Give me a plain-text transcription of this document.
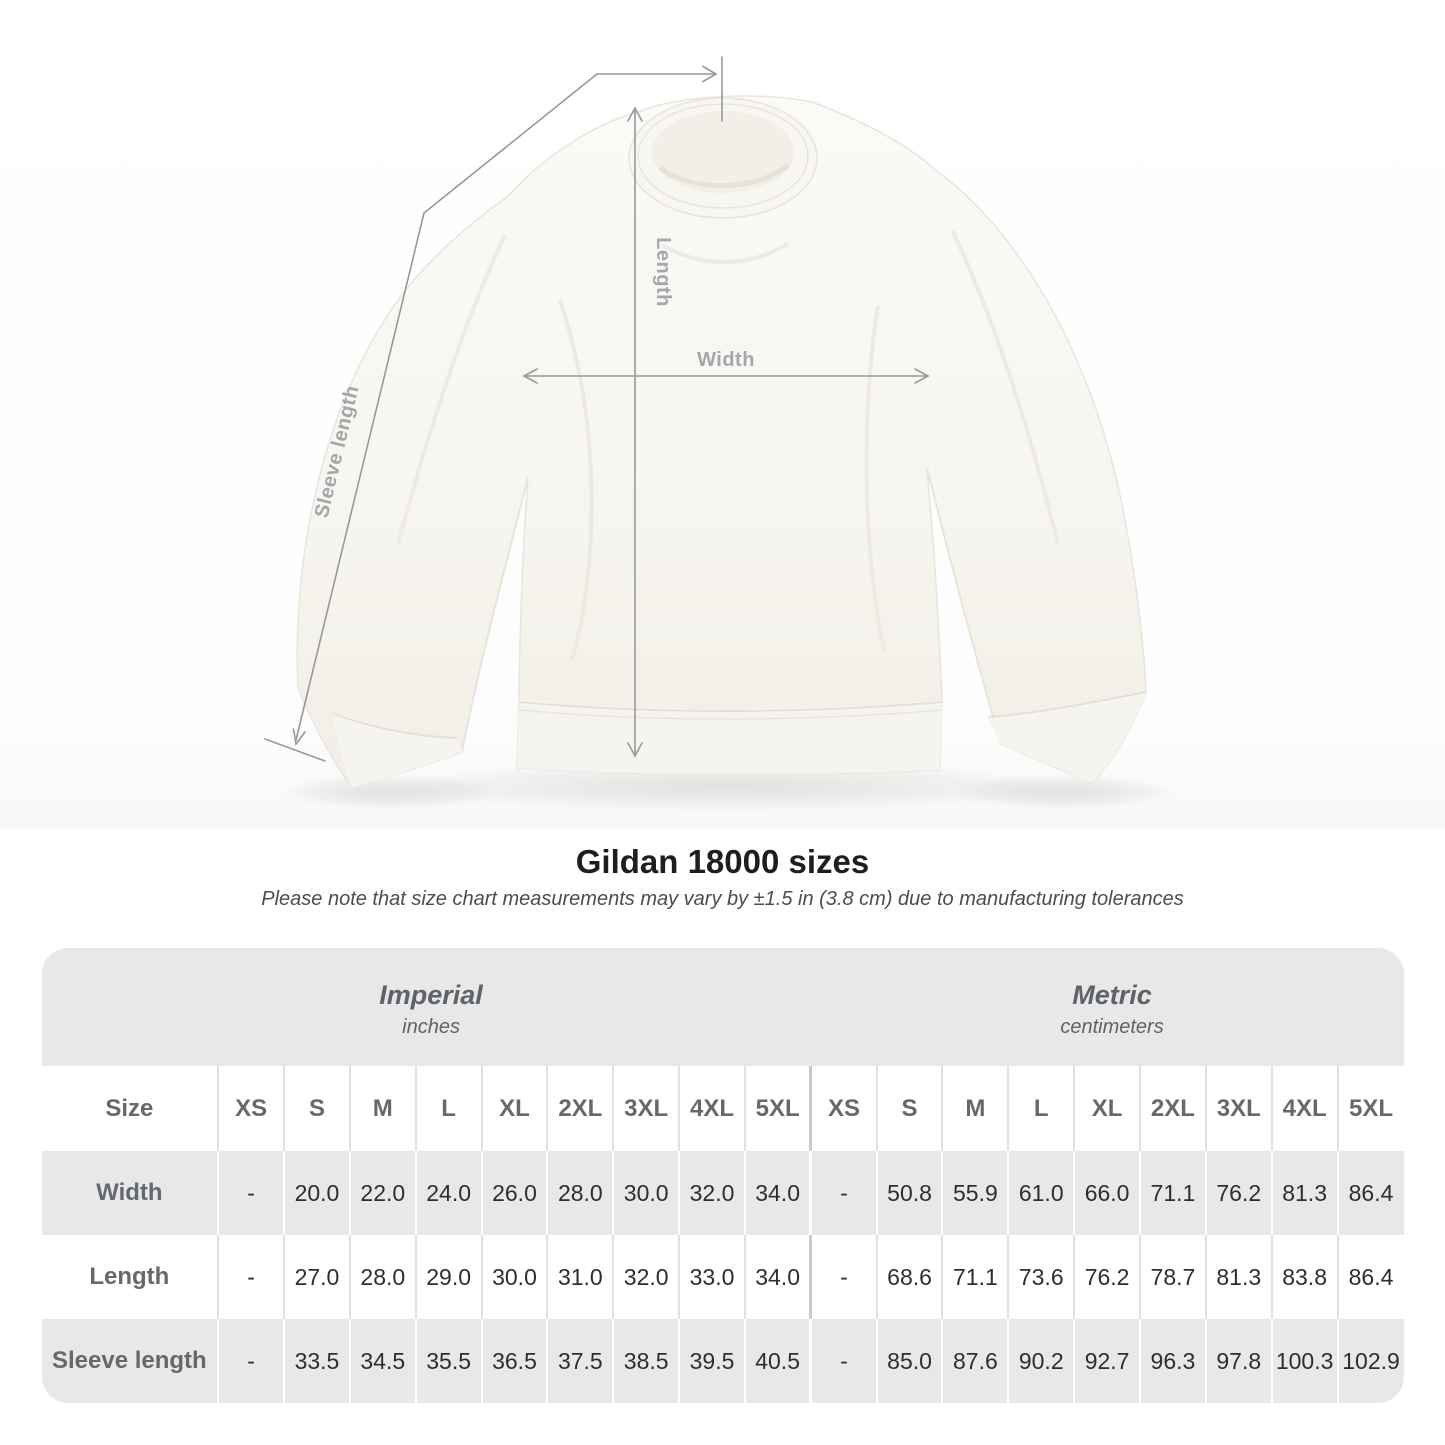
Length
Width
Sleeve length
Gildan 18000 sizes

Please note that size chart measurements may vary by ±1.5 in (3.8 cm) due to manufacturing tolerances

Imperial
inches
Metric
centimeters
Size	XS	S	M	L	XL	2XL	3XL	4XL	5XL	XS	S	M	L	XL	2XL	3XL	4XL	5XL
Width	-	20.0	22.0	24.0	26.0	28.0	30.0	32.0	34.0	-	50.8	55.9	61.0	66.0	71.1	76.2	81.3	86.4
Length	-	27.0	28.0	29.0	30.0	31.0	32.0	33.0	34.0	-	68.6	71.1	73.6	76.2	78.7	81.3	83.8	86.4
Sleeve length	-	33.5	34.5	35.5	36.5	37.5	38.5	39.5	40.5	-	85.0	87.6	90.2	92.7	96.3	97.8	100.3	102.9
